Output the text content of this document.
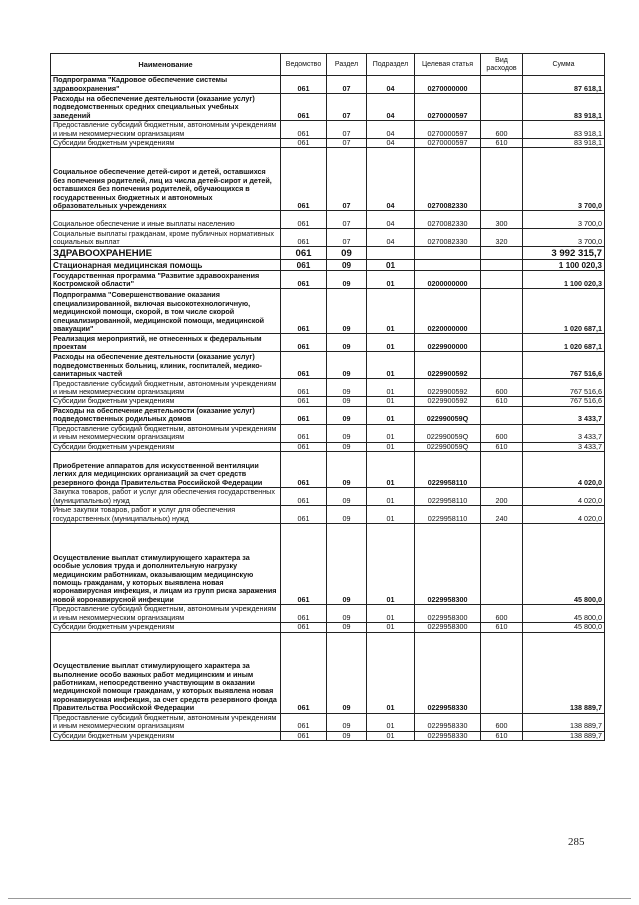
Наименование	Ведомство	Раздел	Подраздел	Целевая статья	Вид расходов	Сумма
Подпрограмма "Кадровое обеспечение системы здравоохранения"	061	07	04	0270000000		87 618,1
Расходы на обеспечение деятельности (оказание услуг) подведомственных средних специальных учебных заведений	061	07	04	0270000597		83 918,1
Предоставление субсидий бюджетным, автономным учреждениям и иным некоммерческим организациям	061	07	04	0270000597	600	83 918,1
Субсидии бюджетным учреждениям	061	07	04	0270000597	610	83 918,1
Социальное обеспечение детей-сирот и детей, оставшихся без попечения родителей, лиц из числа детей-сирот и детей, оставшихся без попечения родителей, обучающихся в государственных бюджетных и автономных образовательных учреждениях	061	07	04	0270082330		3 700,0
Социальное обеспечение и иные выплаты населению	061	07	04	0270082330	300	3 700,0
Социальные выплаты гражданам, кроме публичных нормативных социальных выплат	061	07	04	0270082330	320	3 700,0
ЗДРАВООХРАНЕНИЕ	061	09				3 992 315,7
Стационарная медицинская помощь	061	09	01			1 100 020,3
Государственная программа "Развитие здравоохранения Костромской области"	061	09	01	0200000000		1 100 020,3
Подпрограмма "Совершенствование оказания специализированной, включая высокотехнологичную, медицинской помощи, скорой, в том числе скорой специализированной, медицинской помощи, медицинской эвакуации"	061	09	01	0220000000		1 020 687,1
Реализация мероприятий, не отнесенных к федеральным проектам	061	09	01	0229900000		1 020 687,1
Расходы на обеспечение деятельности (оказание услуг) подведомственных больниц, клиник, госпиталей, медико-санитарных частей	061	09	01	0229900592		767 516,6
Предоставление субсидий бюджетным, автономным учреждениям и иным некоммерческим организациям	061	09	01	0229900592	600	767 516,6
Субсидии бюджетным учреждениям	061	09	01	0229900592	610	767 516,6
Расходы на обеспечение деятельности (оказание услуг) подведомственных родильных домов	061	09	01	022990059Q		3 433,7
Предоставление субсидий бюджетным, автономным учреждениям и иным некоммерческим организациям	061	09	01	022990059Q	600	3 433,7
Субсидии бюджетным учреждениям	061	09	01	022990059Q	610	3 433,7
Приобретение аппаратов для искусственной вентиляции легких для медицинских организаций за счет средств резервного фонда Правительства Российской Федерации	061	09	01	0229958110		4 020,0
Закупка товаров, работ и услуг для обеспечения государственных (муниципальных) нужд	061	09	01	0229958110	200	4 020,0
Иные закупки товаров, работ и услуг для обеспечения государственных (муниципальных) нужд	061	09	01	0229958110	240	4 020,0
Осуществление выплат стимулирующего характера за особые условия труда и дополнительную нагрузку медицинским работникам, оказывающим медицинскую помощь гражданам, у которых выявлена новая коронавирусная инфекция, и лицам из групп риска заражения новой коронавирусной инфекции	061	09	01	0229958300		45 800,0
Предоставление субсидий бюджетным, автономным учреждениям и иным некоммерческим организациям	061	09	01	0229958300	600	45 800,0
Субсидии бюджетным учреждениям	061	09	01	0229958300	610	45 800,0
Осуществление выплат стимулирующего характера за выполнение особо важных работ медицинским и иным работникам, непосредственно участвующим в оказании медицинской помощи гражданам, у которых выявлена новая коронавирусная инфекция, за счет средств резервного фонда Правительства Российской Федерации	061	09	01	0229958330		138 889,7
Предоставление субсидий бюджетным, автономным учреждениям и иным некоммерческим организациям	061	09	01	0229958330	600	138 889,7
Субсидии бюджетным учреждениям	061	09	01	0229958330	610	138 889,7
285
